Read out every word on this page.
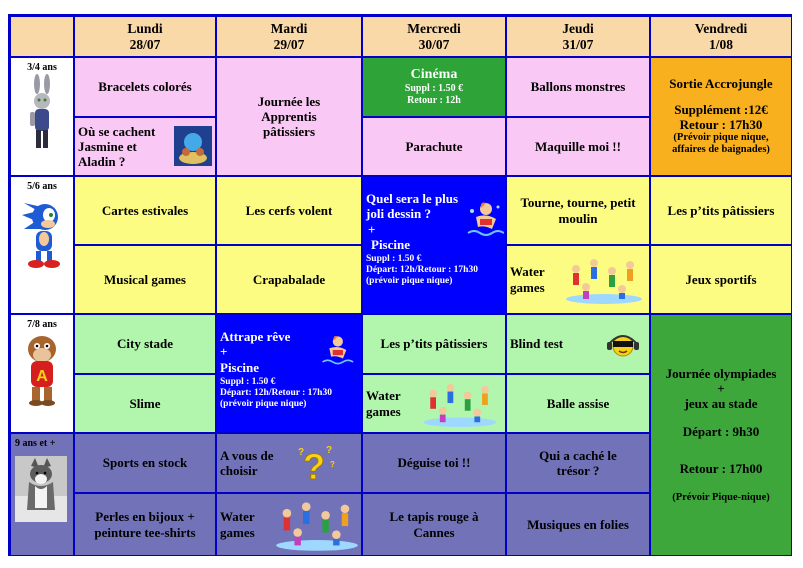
Lundi
28/07
Mardi
29/07
Mercredi
30/07
Jeudi
31/07
Vendredi
1/08
3/4 ans
Bracelets colorés
Où se cachent Jasmine et Aladin ?
Journée les Apprentis pâtissiers
Cinéma
Suppl : 1.50 €
Retour : 12h
Parachute
Ballons monstres
Maquille moi !!
Sortie Accrojungle
Supplément :12€
Retour : 17h30
(Prévoir pique nique, affaires de baignades)
5/6 ans
Cartes estivales
Musical games
Les cerfs volent
Crapabalade
Quel sera le plus joli dessin ?
+
Piscine
Suppl : 1.50 €
Départ: 12h/Retour : 17h30
(prévoir pique nique)
Tourne, tourne, petit moulin
Water games
Les p’tits pâtissiers
Jeux sportifs
7/8 ans
A
City stade
Slime
Attrape rêve
+
Piscine
Suppl : 1.50 €
Départ: 12h/Retour : 17h30
(prévoir pique nique)
Les p’tits pâtissiers
Water games
Blind test
Balle assise
Journée olympiades
+
jeux au stade
Départ : 9h30
Retour : 17h00
(Prévoir Pique-nique)
9 ans et +
Sports en stock
Perles en bijoux + peinture tee-shirts
A vous de choisir	?
? ?
?
Water games
Déguise toi !!
Le tapis rouge à Cannes
Qui a caché le trésor ?
Musiques en folies
